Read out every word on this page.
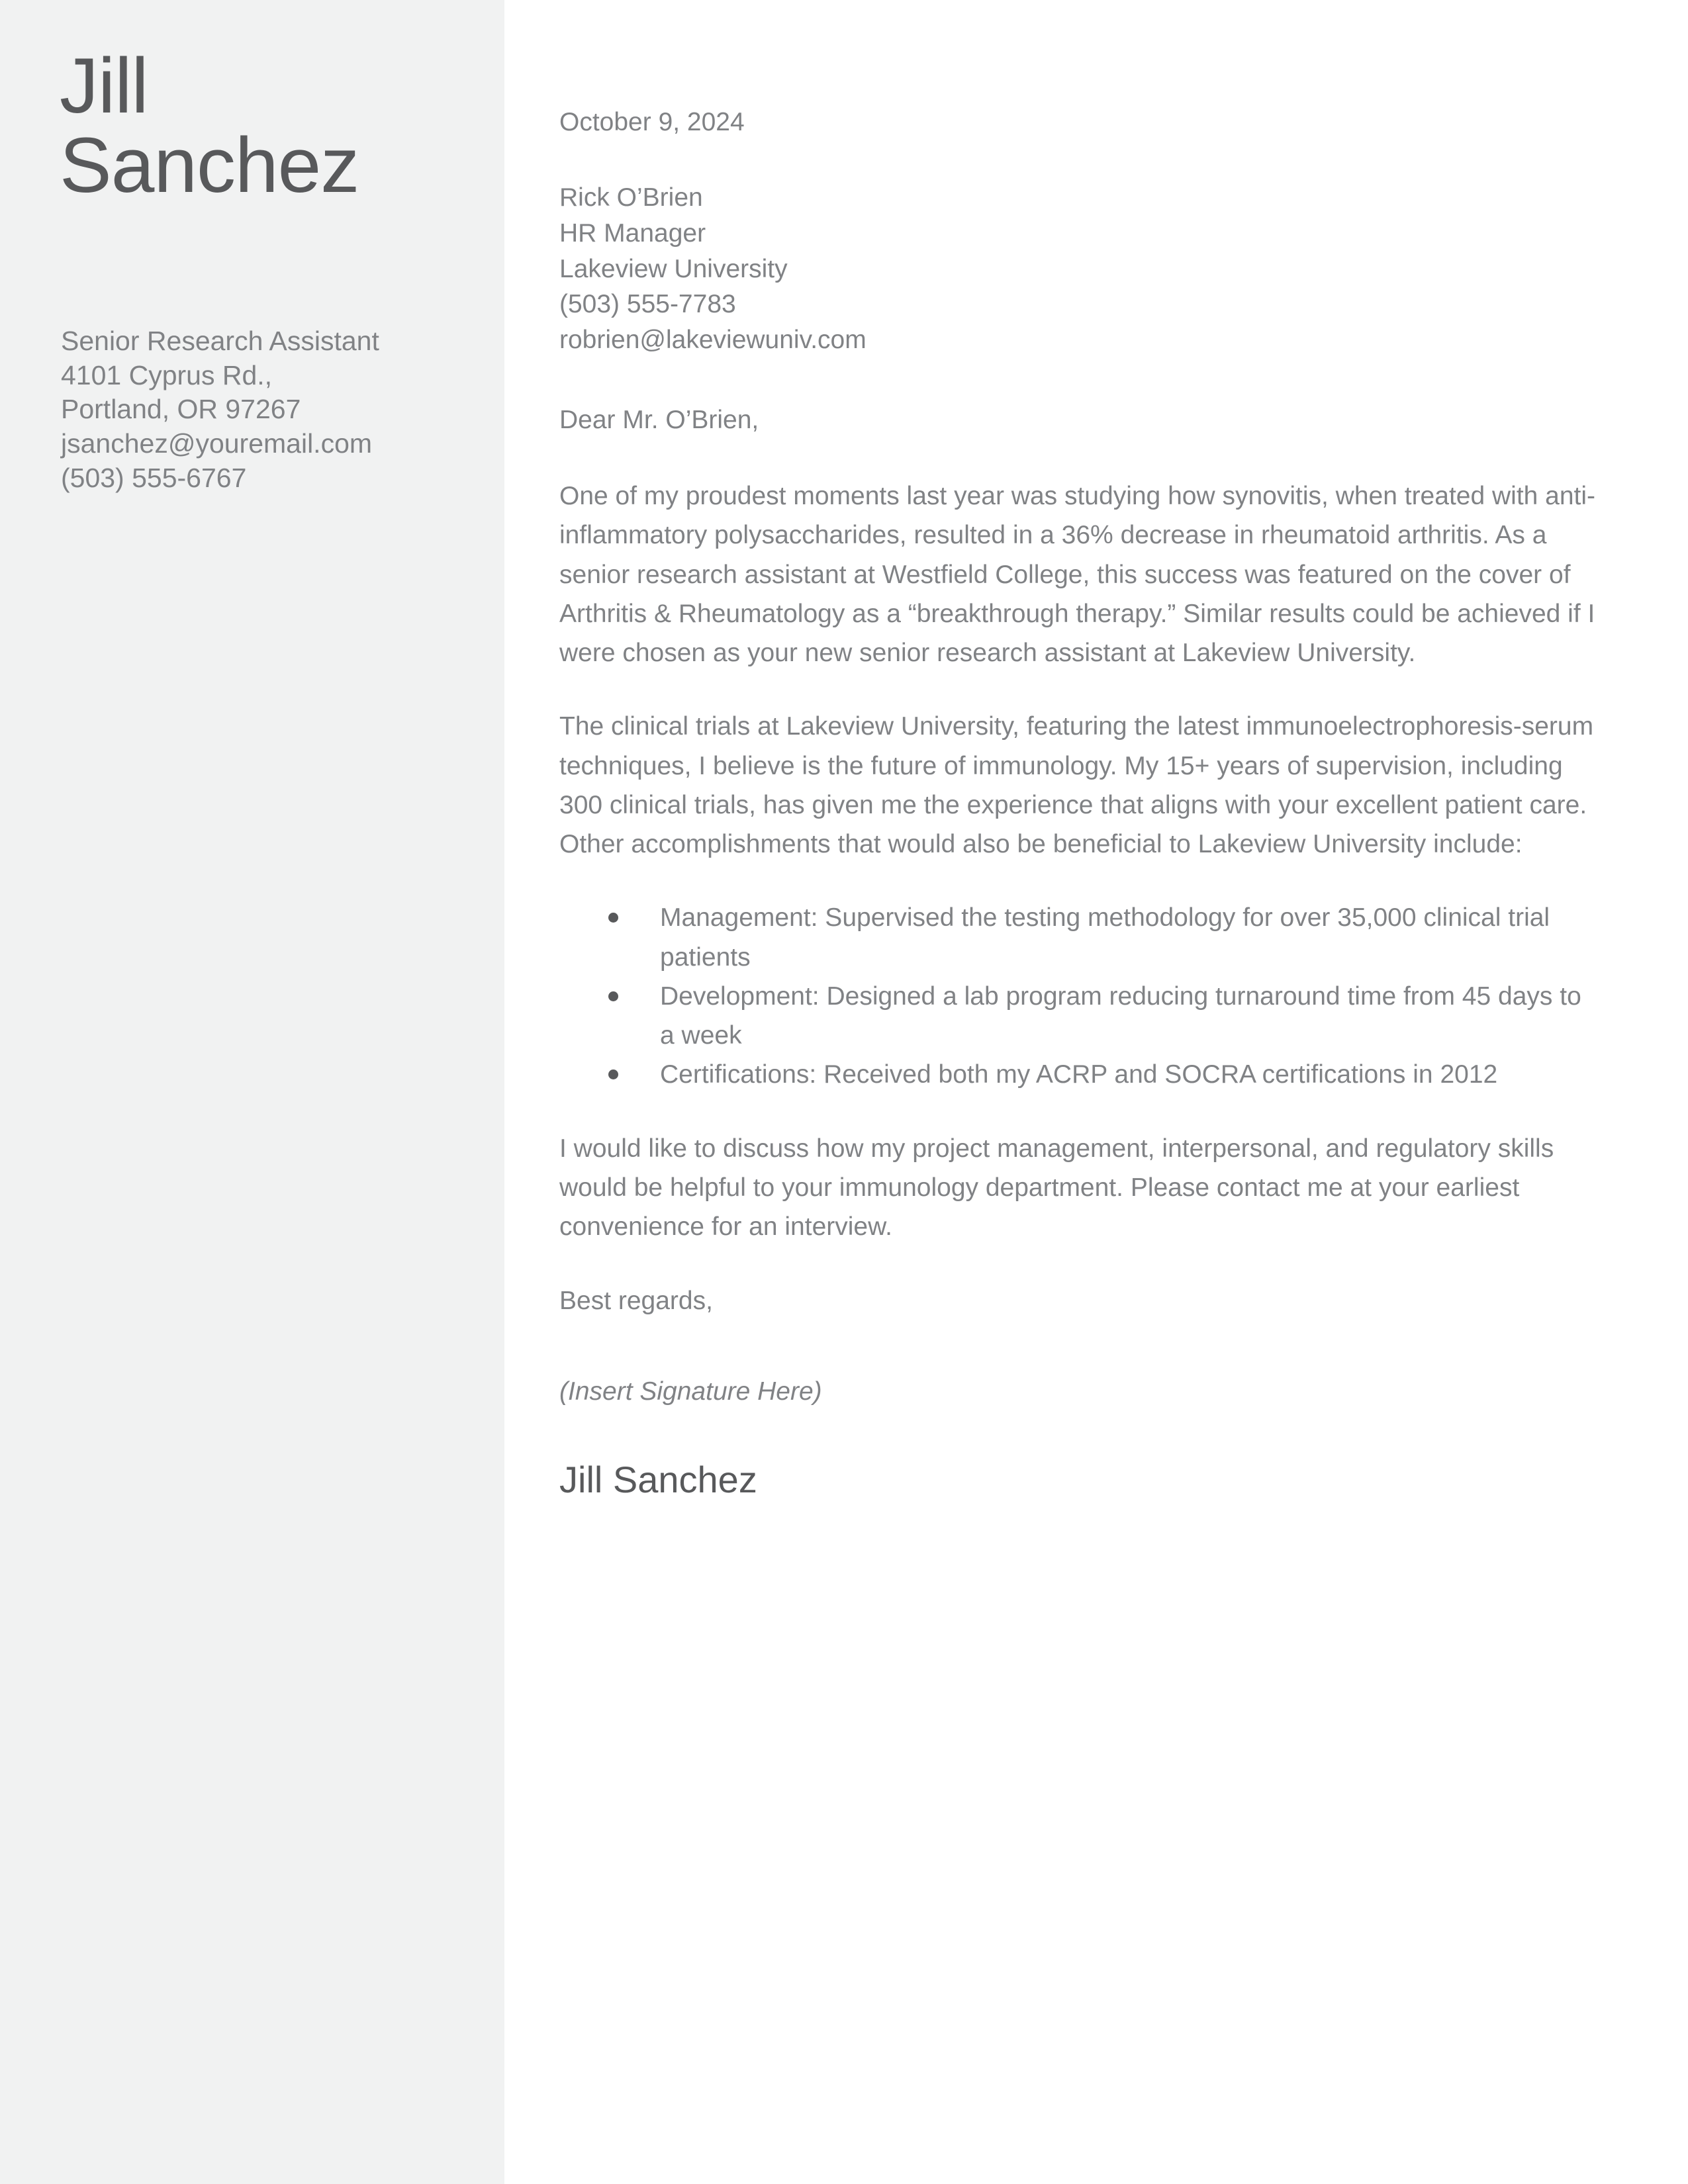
Jill
Sanchez
Senior Research Assistant
4101 Cyprus Rd.,
Portland, OR 97267
jsanchez@youremail.com
(503) 555-6767
October 9, 2024
Rick O’Brien
HR Manager
Lakeview University
(503) 555-7783
robrien@lakeviewuniv.com
Dear Mr. O’Brien,

One of my proudest moments last year was studying how synovitis, when treated with anti-inflammatory polysaccharides, resulted in a 36% decrease in rheumatoid arthritis. As a senior research assistant at Westfield College, this success was featured on the cover of Arthritis & Rheumatology as a “breakthrough therapy.” Similar results could be achieved if I were chosen as your new senior research assistant at Lakeview University.

The clinical trials at Lakeview University, featuring the latest immunoelectrophoresis-serum techniques, I believe is the future of immunology. My 15+ years of supervision, including 300 clinical trials, has given me the experience that aligns with your excellent patient care. Other accomplishments that would also be beneficial to Lakeview University include:

Management: Supervised the testing methodology for over 35,000 clinical trial patients
Development: Designed a lab program reducing turnaround time from 45 days to a week
Certifications: Received both my ACRP and SOCRA certifications in 2012

I would like to discuss how my project management, interpersonal, and regulatory skills would be helpful to your immunology department. Please contact me at your earliest convenience for an interview.

Best regards,

(Insert Signature Here)

Jill Sanchez
